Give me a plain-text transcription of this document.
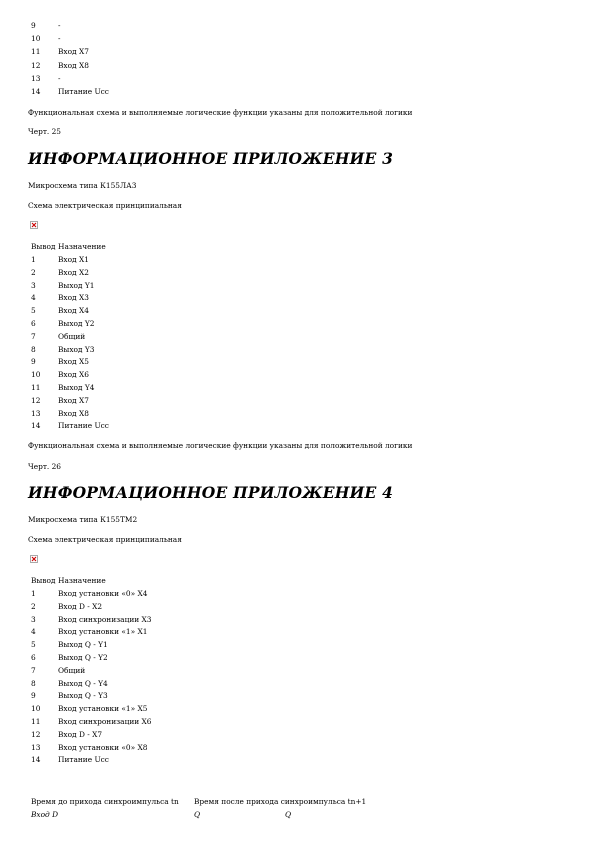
9	-
10 -
11 Вход X7
12 Вход X8
13 -
14 Питание Ucc
Функциональная схема и выполняемые логические функции указаны для положительной логики
Черт. 25
ИНФОРМАЦИОННОЕ ПРИЛОЖЕНИЕ 3
Микросхема типа К155ЛА3
Схема электрическая принципиальная
Вывод Назначение
1	Вход X1
2	Вход X2
3	Выход Y1
4	Вход X3
5	Вход X4
6	Выход Y2
7	Общий
8	Выход Y3
9	Вход X5
10 Вход X6
11 Выход Y4
12 Вход X7
13 Вход X8
14 Питание Ucc
Функциональная схема и выполняемые логические функции указаны для положительной логики
Черт. 26
ИНФОРМАЦИОННОЕ ПРИЛОЖЕНИЕ 4
Микросхема типа К155ТМ2
Схема электрическая принципиальная
Вывод Назначение
1	Вход установки «0» X4
2	Вход D - X2
3	Вход синхронизации X3
4	Вход установки «1» X1
5	Выход Q - Y1
6	Выход Q - Y2
7	Общий
8	Выход Q - Y4
9	Выход Q - Y3
10 Вход установки «1» X5
11 Вход синхронизации X6
12 Вход D - X7
13 Вход установки «0» X8
14 Питание Ucc
Время до прихода синхроимпульса tn Время после прихода синхроимпульса tn+1
Вход D	Q	Q
